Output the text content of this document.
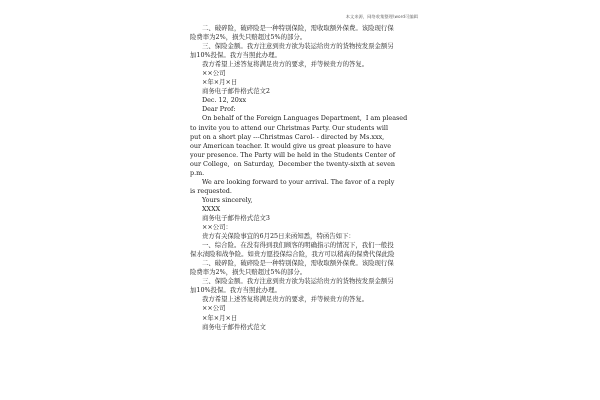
本文来源，网络收集整理\word可编辑
二、破碎险，破碎险是一种特别保险，需收取额外保费。该险现行保
险费率为2%，损失只赔超过5%的部分。
三、保险金额。我方注意到贵方欲为装运给贵方的货物按发票金额另
加10%投保。我方当照此办理。
我方希望上述答复将满足贵方的要求，并等候贵方的答复。
××公司
×年×月×日
商务电子邮件格式范文2
Dec. 12, 20xx
Dear Prof:
On behalf of the Foreign Languages Department,  I am pleased
to invite you to attend our Christmas Party. Our students will
put on a short play ---Christmas Carol- - directed by Ms.xxx,
our American teacher. It would give us great pleasure to have
your presence. The Party will be held in the Students Center of
our College,  on Saturday,  December the twenty-sixth at seven
p.m.
We are looking forward to your arrival. The favor of a reply
is requested.
Yours sincerely,
XXXX
商务电子邮件格式范文3
××公司：
贵方有关保险事宜的6月25日来函知悉，特函告如下：
一、综合险。在没有得到我们顾客的明确指示的情况下，我们一般投
保水渍险和战争险。如贵方愿投保综合险，我方可以稍高的保费代保此险
二、破碎险，破碎险是一种特别保险，需收取额外保费。该险现行保
险费率为2%，损失只赔超过5%的部分。
三、保险金额。我方注意到贵方欲为装运给贵方的货物按发票金额另
加10%投保。我方当照此办理。
我方希望上述答复将满足贵方的要求，并等候贵方的答复。
××公司
×年×月×日
商务电子邮件格式范文
